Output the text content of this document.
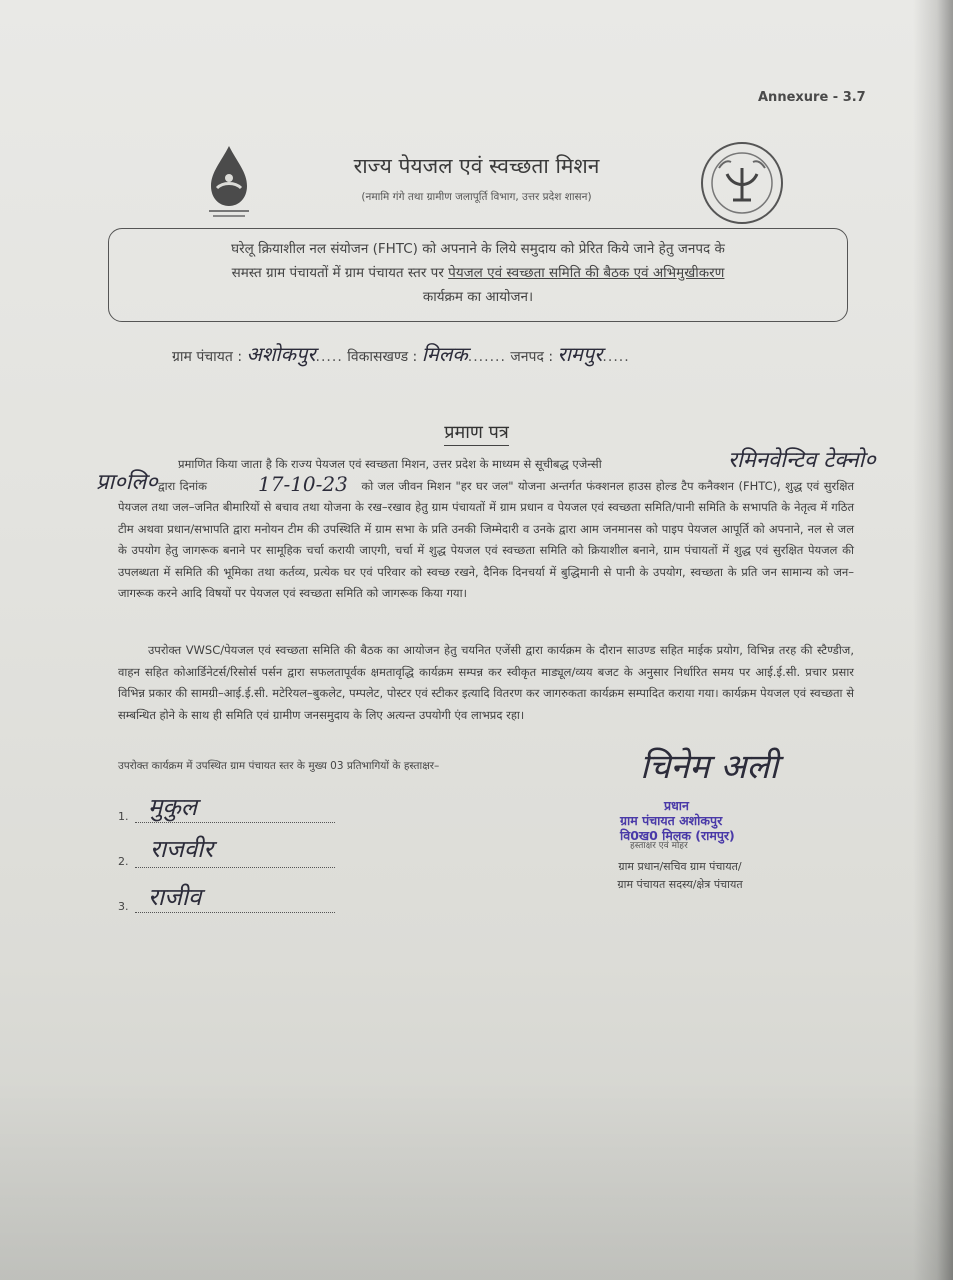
Annexure - 3.7
राज्य पेयजल एवं स्वच्छता मिशन
(नमामि गंगे तथा ग्रामीण जलापूर्ति विभाग, उत्तर प्रदेश शासन)

घरेलू क्रियाशील नल संयोजन (FHTC) को अपनाने के लिये समुदाय को प्रेरित किये जाने हेतु जनपद के
समस्त ग्राम पंचायतों में ग्राम पंचायत स्तर पर पेयजल एवं स्वच्छता समिति की बैठक एवं अभिमुखीकरण
कार्यक्रम का आयोजन।

ग्राम पंचायत : अशोकपुर..... विकासखण्ड : मिलक....... जनपद : रामपुर.....
प्रमाण पत्र
रमिनवेन्टिव टेक्नो०
प्रा०लि०
प्रमाणित किया जाता है कि राज्य पेयजल एवं स्वच्छता मिशन, उत्तर प्रदेश के माध्यम से सूचीबद्ध एजेन्सी
द्वारा दिनांक	को जल जीवन मिशन "हर घर जल" योजना अन्तर्गत फंक्शनल हाउस होल्ड टैप कनैक्शन (FHTC), शुद्ध एवं सुरक्षित पेयजल तथा जल–जनित बीमारियों से बचाव तथा योजना के रख–रखाव हेतु ग्राम पंचायतों में ग्राम प्रधान व पेयजल एवं स्वच्छता समिति/पानी समिति के सभापति के नेतृत्व में गठित टीम अथवा प्रधान/सभापति द्वारा मनोयन टीम की उपस्थिति में ग्राम सभा के प्रति उनकी जिम्मेदारी व उनके द्वारा आम जनमानस को पाइप पेयजल आपूर्ति को अपनाने, नल से जल के उपयोग हेतु जागरूक बनाने पर सामूहिक चर्चा करायी जाएगी, चर्चा में शुद्ध पेयजल एवं स्वच्छता समिति को क्रियाशील बनाने, ग्राम पंचायतों में शुद्ध एवं सुरक्षित पेयजल की उपलब्धता में समिति की भूमिका तथा कर्तव्य, प्रत्येक घर एवं परिवार को स्वच्छ रखने, दैनिक दिनचर्या में बुद्धिमानी से पानी के उपयोग, स्वच्छता के प्रति जन सामान्य को जन–जागरूक करने आदि विषयों पर पेयजल एवं स्वच्छता समिति को जागरूक किया गया।
17-10-23
उपरोक्त VWSC/पेयजल एवं स्वच्छता समिति की बैठक का आयोजन हेतु चयनित एजेंसी द्वारा कार्यक्रम के दौरान साउण्ड सहित माईक प्रयोग, विभिन्न तरह की स्टैण्डीज, वाहन सहित कोआर्डिनेटर्स/रिसोर्स पर्सन द्वारा सफलतापूर्वक क्षमतावृद्धि कार्यक्रम सम्पन्न कर स्वीकृत माड्यूल/व्यय बजट के अनुसार निर्धारित समय पर आई.ई.सी. प्रचार प्रसार विभिन्न प्रकार की सामग्री–आई.ई.सी. मटेरियल–बुकलेट, पम्पलेट, पोस्टर एवं स्टीकर इत्यादि वितरण कर जागरुकता कार्यक्रम सम्पादित कराया गया। कार्यक्रम पेयजल एवं स्वच्छता से सम्बन्धित होने के साथ ही समिति एवं ग्रामीण जनसमुदाय के लिए अत्यन्त उपयोगी एंव लाभप्रद रहा।
उपरोक्त कार्यक्रम में उपस्थित ग्राम पंचायत स्तर के मुख्य 03 प्रतिभागियों के हस्ताक्षर–
1.
2.
3.
मुकुल
राजवीर
राजीव
चिनेम अली
प्रधान
ग्राम पंचायत अशोकपुर
वि0ख0 मिलक (रामपुर)
हस्ताक्षर एवं मोहर
ग्राम प्रधान/सचिव ग्राम पंचायत/
ग्राम पंचायत सदस्य/क्षेत्र पंचायत
